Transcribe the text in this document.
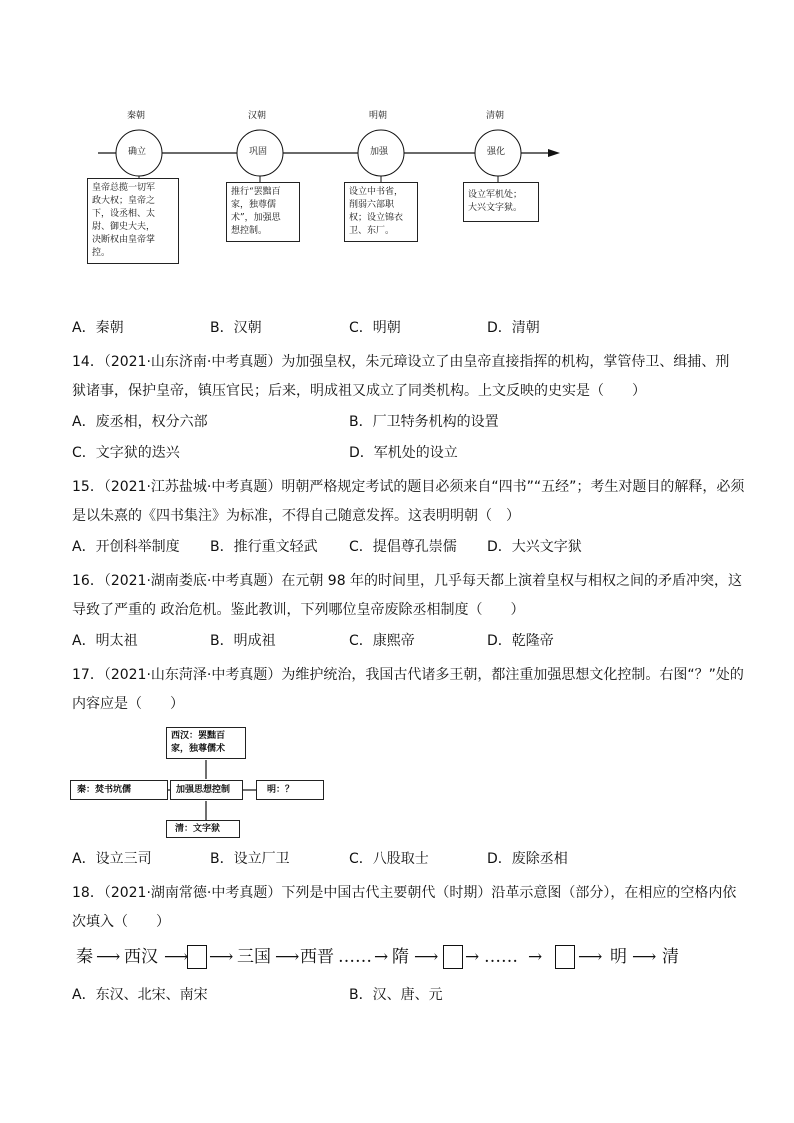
秦朝	汉朝	明朝	清朝
确立	巩固	加强	强化
皇帝总揽一切军
政大权；皇帝之
下，设丞相、太
尉、御史大夫，
决断权由皇帝掌
控。
推行“罢黜百
家，独尊儒
术”，加强思
想控制。
设立中书省，
削弱六部职
权；设立锦衣
卫、东厂。
设立军机处；
大兴文字狱。
A．秦朝	B．汉朝	C．明朝	D．清朝
14．（2021·山东济南·中考真题）为加强皇权，朱元璋设立了由皇帝直接指挥的机构，掌管侍卫、缉捕、刑
狱诸事，保护皇帝，镇压官民；后来，明成祖又成立了同类机构。上文反映的史实是（　　）
A．废丞相，权分六部	B．厂卫特务机构的设置
C．文字狱的迭兴	D．军机处的设立
15．（2021·江苏盐城·中考真题）明朝严格规定考试的题目必须来自“四书”“五经”；考生对题目的解释，必须
是以朱熹的《四书集注》为标准，不得自己随意发挥。这表明明朝（　）
A．开创科举制度 B．推行重文轻武 C．提倡尊孔崇儒 D．大兴文字狱
16．（2021·湖南娄底·中考真题）在元朝 98 年的时间里，几乎每天都上演着皇权与相权之间的矛盾冲突，这
导致了严重的 政治危机。鉴此教训，下列哪位皇帝废除丞相制度（　　）
A．明太祖	B．明成祖	C．康熙帝	D．乾隆帝
17．（2021·山东菏泽·中考真题）为维护统治，我国古代诸多王朝，都注重加强思想文化控制。右图“？”处的
内容应是（　　）
西汉：罢黜百
家，独尊儒术
秦：焚书坑儒	加强思想控制	明：？
清：文字狱
A．设立三司	B．设立厂卫	C．八股取士	D．废除丞相
18．（2021·湖南常德·中考真题）下列是中国古代主要朝代（时期）沿革示意图（部分），在相应的空格内依
次填入（　　）
秦 ⟶ 西汉 ⟶ ⟶ 三国 ⟶ 西晋 …… → 隋 ⟶ → …… → ⟶ 明 ⟶ 清
A．东汉、北宋、南宋	B．汉、唐、元
